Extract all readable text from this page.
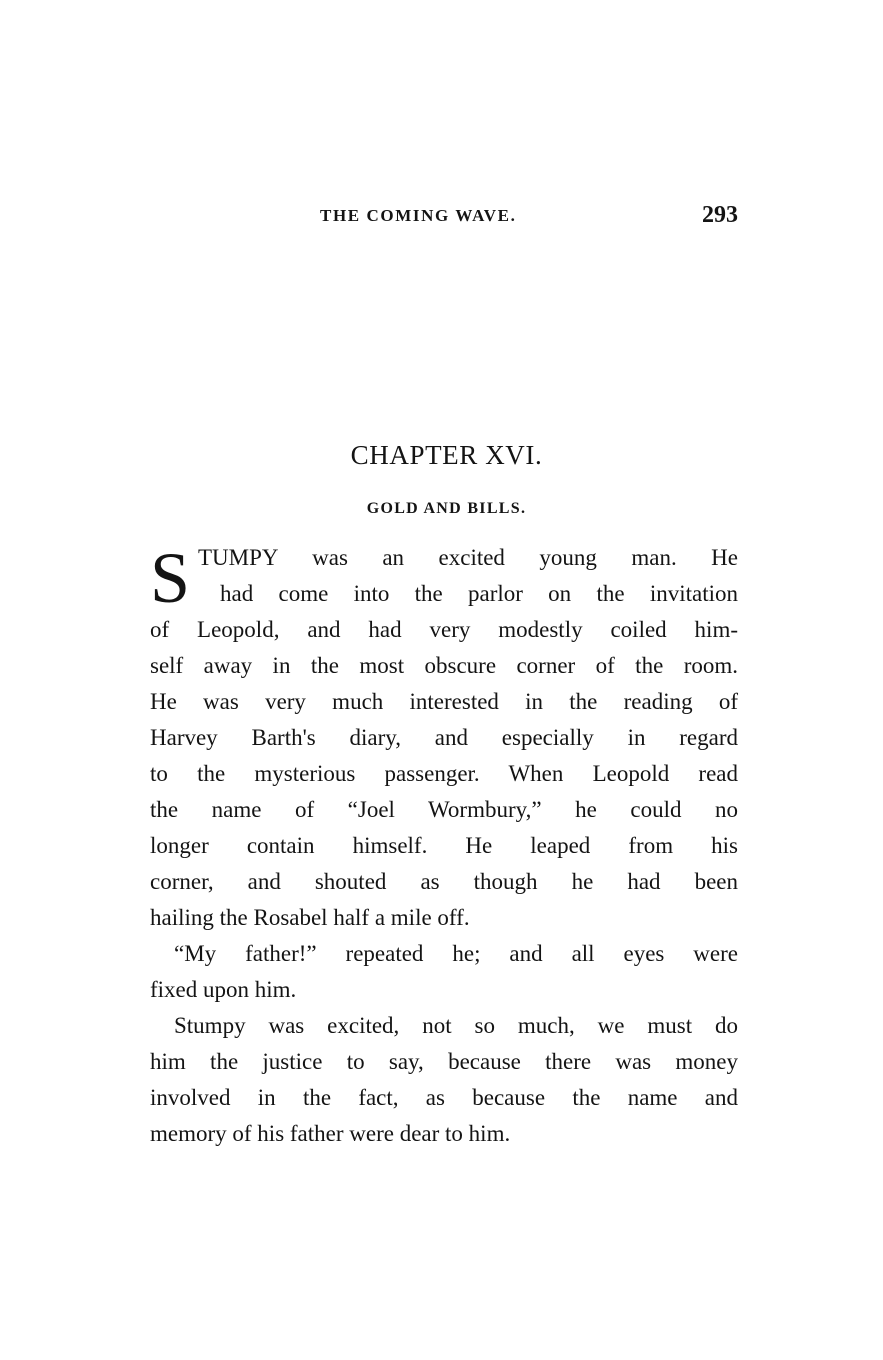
THE COMING WAVE.	293
CHAPTER XVI.
GOLD AND BILLS.
S TUMPY was an excited young man. He
had come into the parlor on the invitation
of Leopold, and had very modestly coiled him-
self away in the most obscure corner of the room.
He was very much interested in the reading of
Harvey Barth's diary, and especially in regard
to the mysterious passenger. When Leopold read
the name of “Joel Wormbury,” he could no
longer contain himself. He leaped from his
corner, and shouted as though he had been
hailing the Rosabel half a mile off.
“My father!” repeated he; and all eyes were
fixed upon him.
Stumpy was excited, not so much, we must do
him the justice to say, because there was money
involved in the fact, as because the name and
memory of his father were dear to him.
